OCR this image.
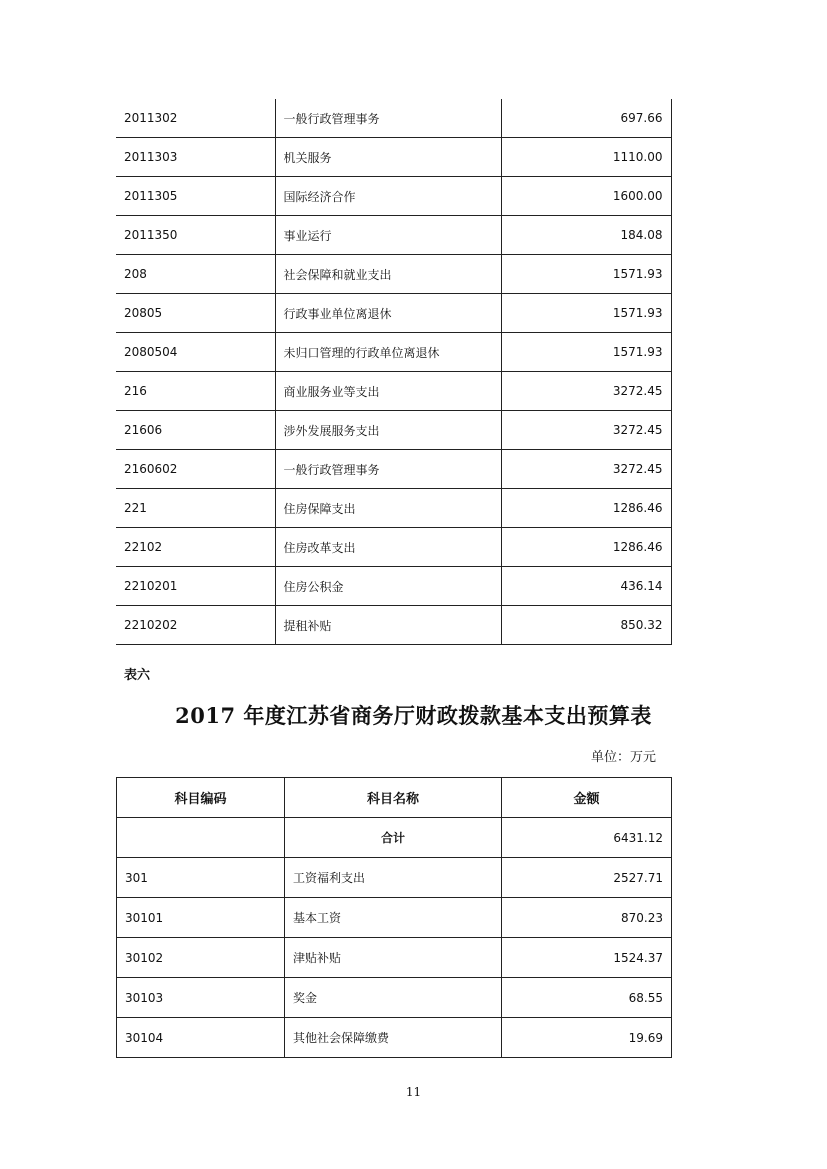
2011302	一般行政管理事务	697.66
2011303	机关服务	1110.00
2011305	国际经济合作	1600.00
2011350	事业运行	184.08
208	社会保障和就业支出	1571.93
20805	行政事业单位离退休	1571.93
2080504	未归口管理的行政单位离退休	1571.93
216	商业服务业等支出	3272.45
21606	涉外发展服务支出	3272.45
2160602	一般行政管理事务	3272.45
221	住房保障支出	1286.46
22102	住房改革支出	1286.46
2210201	住房公积金	436.14
2210202	提租补贴	850.32
表六
2017 年度江苏省商务厅财政拨款基本支出预算表
单位：万元
科目编码	科目名称	金额
	合计	6431.12
301	工资福利支出	2527.71
30101	基本工资	870.23
30102	津贴补贴	1524.37
30103	奖金	68.55
30104	其他社会保障缴费	19.69
11
